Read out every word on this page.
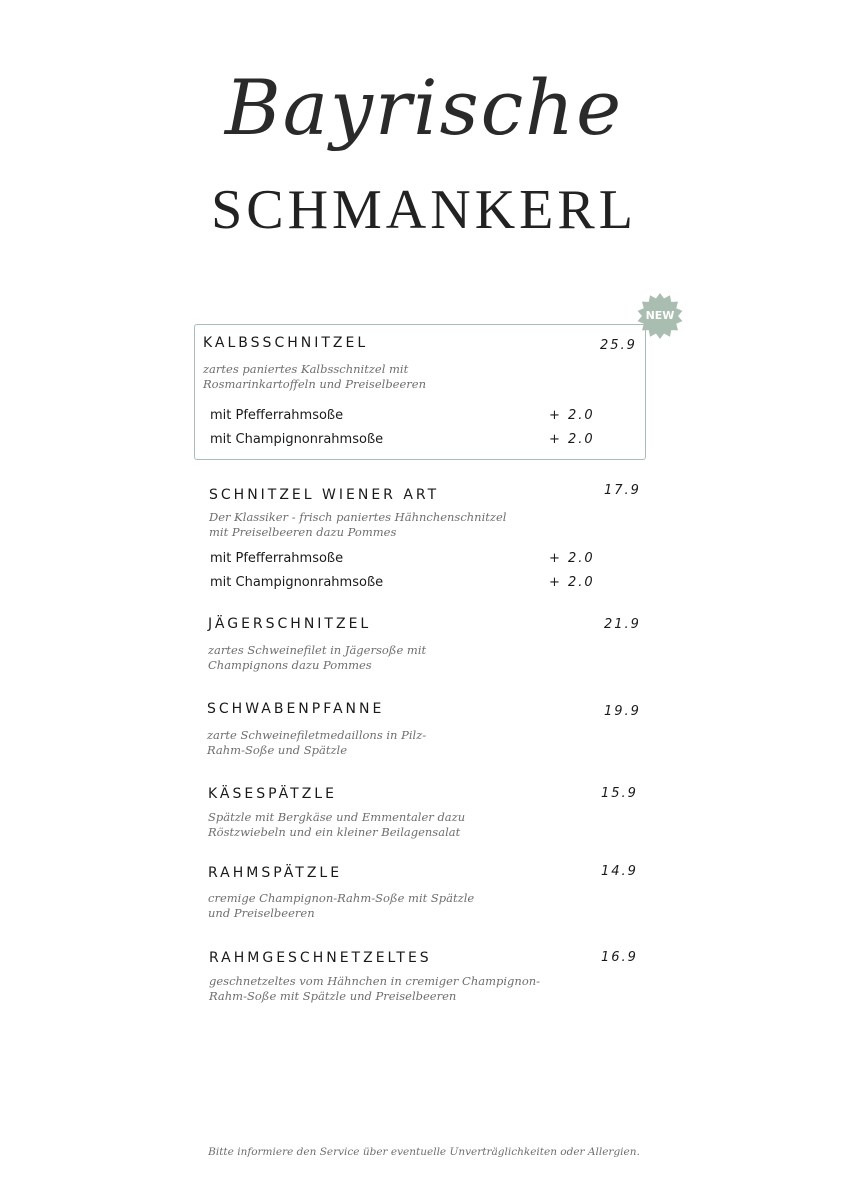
Bayrische
SCHMANKERL
NEW
KALBSSCHNITZEL	25.9
zartes paniertes Kalbsschnitzel mit
Rosmarinkartoffeln und Preiselbeeren
mit Pfefferrahmsoße	+ 2.0
mit Champignonrahmsoße	+ 2.0
SCHNITZEL WIENER ART	17.9
Der Klassiker - frisch paniertes Hähnchenschnitzel
mit Preiselbeeren dazu Pommes
mit Pfefferrahmsoße	+ 2.0
mit Champignonrahmsoße	+ 2.0
JÄGERSCHNITZEL	21.9
zartes Schweinefilet in Jägersoße mit
Champignons dazu Pommes
SCHWABENPFANNE	19.9
zarte Schweinefiletmedaillons in Pilz-
Rahm-Soße und Spätzle
KÄSESPÄTZLE	15.9
Spätzle mit Bergkäse und Emmentaler dazu
Röstzwiebeln und ein kleiner Beilagensalat
RAHMSPÄTZLE	14.9
cremige Champignon-Rahm-Soße mit Spätzle
und Preiselbeeren
RAHMGESCHNETZELTES	16.9
geschnetzeltes vom Hähnchen in cremiger Champignon-
Rahm-Soße mit Spätzle und Preiselbeeren
Bitte informiere den Service über eventuelle Unverträglichkeiten oder Allergien.
